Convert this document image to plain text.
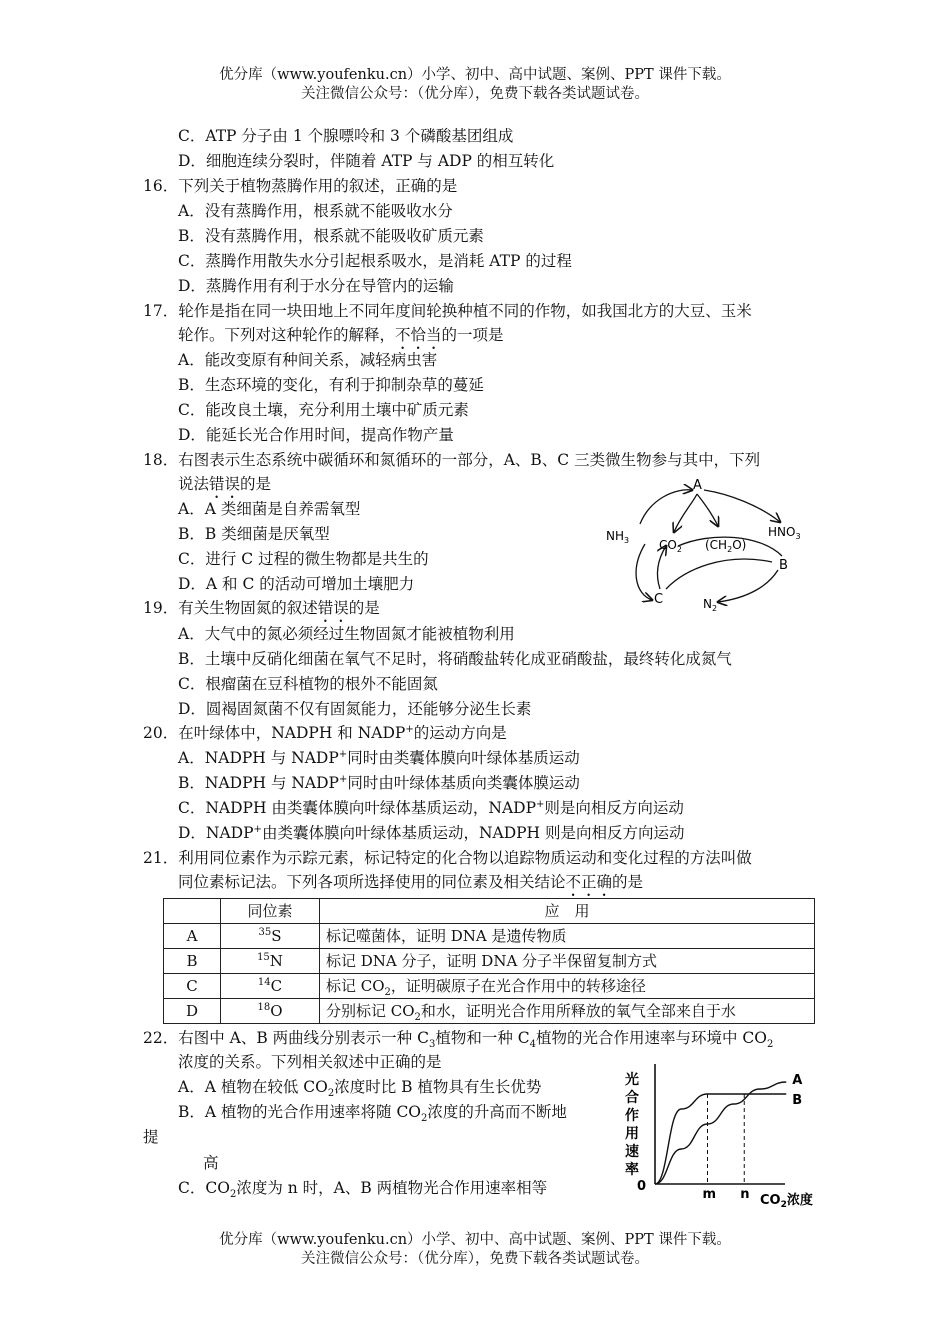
优分库（www.youfenku.cn）小学、初中、高中试题、案例、PPT 课件下载。
关注微信公众号：（优分库），免费下载各类试题试卷。
C．ATP 分子由 1 个腺嘌呤和 3 个磷酸基团组成
D．细胞连续分裂时，伴随着 ATP 与 ADP 的相互转化
16．下列关于植物蒸腾作用的叙述，正确的是
A．没有蒸腾作用，根系就不能吸收水分
B．没有蒸腾作用，根系就不能吸收矿质元素
C．蒸腾作用散失水分引起根系吸水，是消耗 ATP 的过程
D．蒸腾作用有利于水分在导管内的运输
17．轮作是指在同一块田地上不同年度间轮换种植不同的作物，如我国北方的大豆、玉米
轮作。下列对这种轮作的解释，不恰当的一项是
A．能改变原有种间关系，减轻病虫害
B．生态环境的变化，有利于抑制杂草的蔓延
C．能改良土壤，充分利用土壤中矿质元素
D．能延长光合作用时间，提高作物产量
18．右图表示生态系统中碳循环和氮循环的一部分，A、B、C 三类微生物参与其中，下列
说法错误的是
A．A 类细菌是自养需氧型
B．B 类细菌是厌氧型
C．进行 C 过程的微生物都是共生的
D．A 和 C 的活动可增加土壤肥力
A
$NH_3$ $CO_2$ $(CH_2O)$
$HNO_3$
B
C	$N_2$
19．有关生物固氮的叙述错误的是
A．大气中的氮必须经过生物固氮才能被植物利用
B．土壤中反硝化细菌在氧气不足时，将硝酸盐转化成亚硝酸盐，最终转化成氮气
C．根瘤菌在豆科植物的根外不能固氮
D．圆褐固氮菌不仅有固氮能力，还能够分泌生长素
20．在叶绿体中，NADPH 和 NADP+的运动方向是
A．NADPH 与 NADP+同时由类囊体膜向叶绿体基质运动
B．NADPH 与 NADP+同时由叶绿体基质向类囊体膜运动
C．NADPH 由类囊体膜向叶绿体基质运动，NADP+则是向相反方向运动
D．NADP+由类囊体膜向叶绿体基质运动，NADPH 则是向相反方向运动
21．利用同位素作为示踪元素，标记特定的化合物以追踪物质运动和变化过程的方法叫做
同位素标记法。下列各项所选择使用的同位素及相关结论不正确的是
	同位素	应　用
A	$^{35}$S	标记噬菌体，证明 DNA 是遗传物质
B	$^{15}$N	标记 DNA 分子，证明 DNA 分子半保留复制方式
C	$^{14}$C	标记 $CO_2$，证明碳原子在光合作用中的转移途径
D	$^{18}$O	分别标记 $CO_2$和水，证明光合作用所释放的氧气全部来自于水
22．右图中 A、B 两曲线分别表示一种 $C_3$植物和一种 $C_4$植物的光合作用速率与环境中 $CO_2$
浓度的关系。下列相关叙述中正确的是
A．A 植物在较低 $CO_2$浓度时比 B 植物具有生长优势
B．A 植物的光合作用速率将随 $CO_2$浓度的升高而不断地
提
高
C．$CO_2$浓度为 n 时，A、B 两植物光合作用速率相等
光
合
作
用
速
率
0
m n
A
B
$CO_2$浓度
优分库（www.youfenku.cn）小学、初中、高中试题、案例、PPT 课件下载。
关注微信公众号：（优分库），免费下载各类试题试卷。
